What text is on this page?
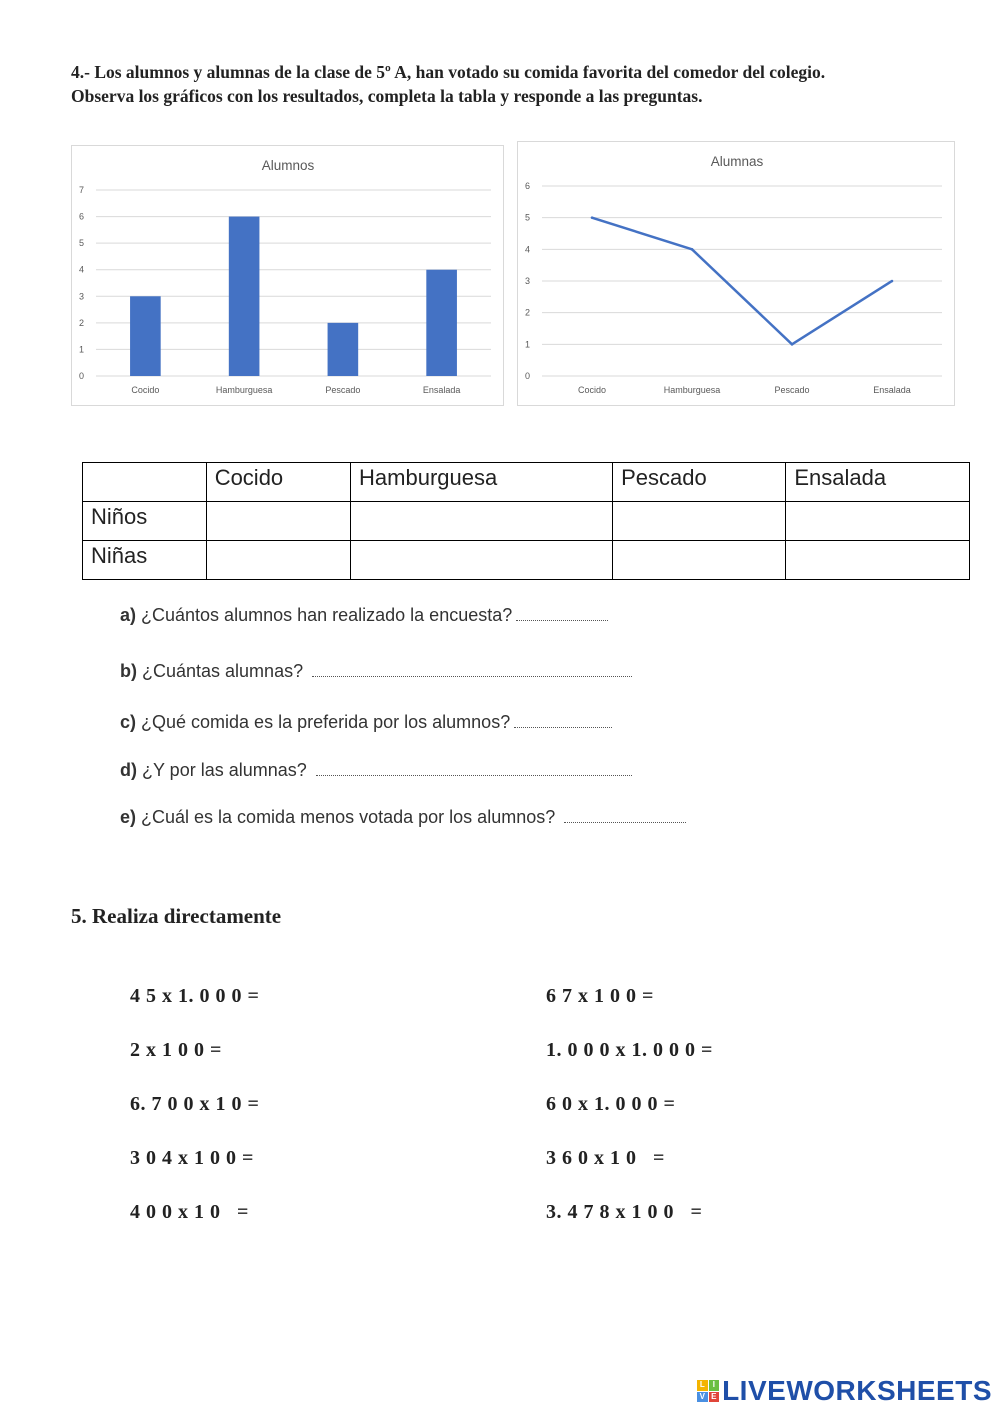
4.- Los alumnos y alumnas de la clase de 5º A, han votado su comida favorita del comedor del colegio.
Observa los gráficos con los resultados, completa la tabla y responde a las preguntas.
Alumnos
0
1
2
3
4
5
6
7
Cocido	Hamburguesa	Pescado	Ensalada
Alumnas
0
1
2
3
4
5
6
Cocido	Hamburguesa	Pescado	Ensalada
	Cocido	Hamburguesa	Pescado	Ensalada
Niños				
Niñas				
a) ¿Cuántos alumnos han realizado la encuesta?
b) ¿Cuántas alumnas?
c) ¿Qué comida es la preferida por los alumnos?
d) ¿Y por las alumnas?
e) ¿Cuál es la comida menos votada por los alumnos?
5. Realiza directamente
4 5 x 1. 0 0 0 =
2 x 1 0 0 =
6. 7 0 0 x 1 0 =
3 0 4 x 1 0 0 =
4 0 0 x 1 0   =
6 7 x 1 0 0 =
1. 0 0 0 x 1. 0 0 0 =
6 0 x 1. 0 0 0 =
3 6 0 x 1 0   =
3. 4 7 8 x 1 0 0   =
L I
V E LIVEWORKSHEETS
